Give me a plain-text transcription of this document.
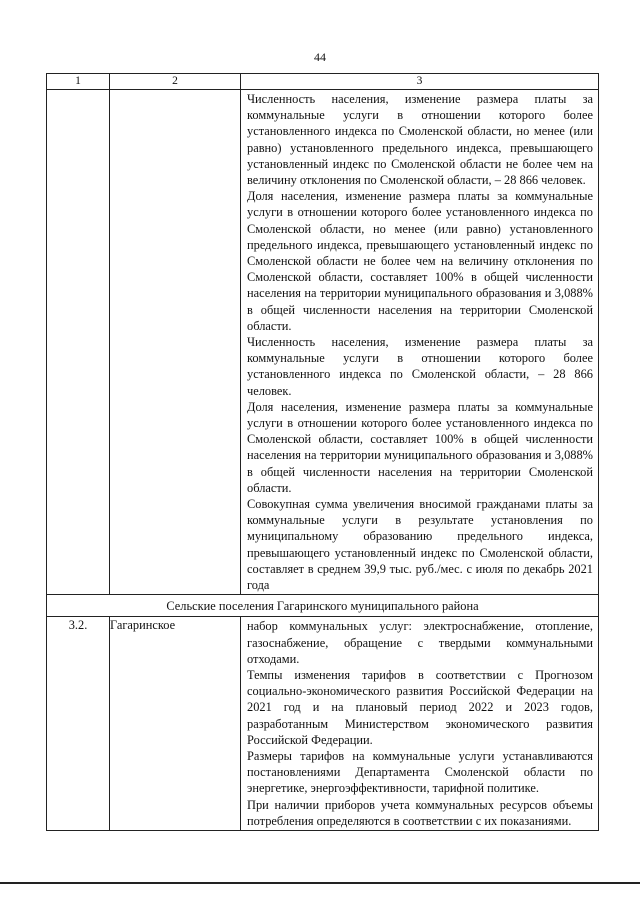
44
1	2	3

		Численность населения, изменение размера платы за коммунальные услуги в отношении которого более установленного индекса по Смоленской области, но менее (или равно) установленного предельного индекса, превышающего установленный индекс по Смоленской области не более чем на величину отклонения по Смоленской области, – 28 866 человек.

Доля населения, изменение размера платы за коммунальные услуги в отношении которого более установленного индекса по Смоленской области, но менее (или равно) установленного предельного индекса, превышающего установленный индекс по Смоленской области не более чем на величину отклонения по Смоленской области, составляет 100% в общей численности населения на территории муниципального образования и 3,088% в общей численности населения на территории Смоленской области.

Численность населения, изменение размера платы за коммунальные услуги в отношении которого более установленного индекса по Смоленской области, – 28 866 человек.

Доля населения, изменение размера платы за коммунальные услуги в отношении которого более установленного индекса по Смоленской области, составляет 100% в общей численности населения на территории муниципального образования и 3,088% в общей численности населения на территории Смоленской области.

Совокупная сумма увеличения вносимой гражданами платы за коммунальные услуги в результате установления по муниципальному образованию предельного индекса, превышающего установленный индекс по Смоленской области, составляет в среднем 39,9 тыс. руб./мес. с июля по декабрь 2021 года

Сельские поселения Гагаринского муниципального района		
3.2.	Гагаринское	набор коммунальных услуг: электроснабжение, отопление, газоснабжение, обращение с твердыми коммунальными отходами.

Темпы изменения тарифов в соответствии с Прогнозом социально-экономического развития Российской Федерации на 2021 год и на плановый период 2022 и 2023 годов, разработанным Министерством экономического развития Российской Федерации.

Размеры тарифов на коммунальные услуги устанавливаются постановлениями Департамента Смоленской области по энергетике, энергоэффективности, тарифной политике.

При наличии приборов учета коммунальных ресурсов объемы потребления определяются в соответствии с их показаниями.
